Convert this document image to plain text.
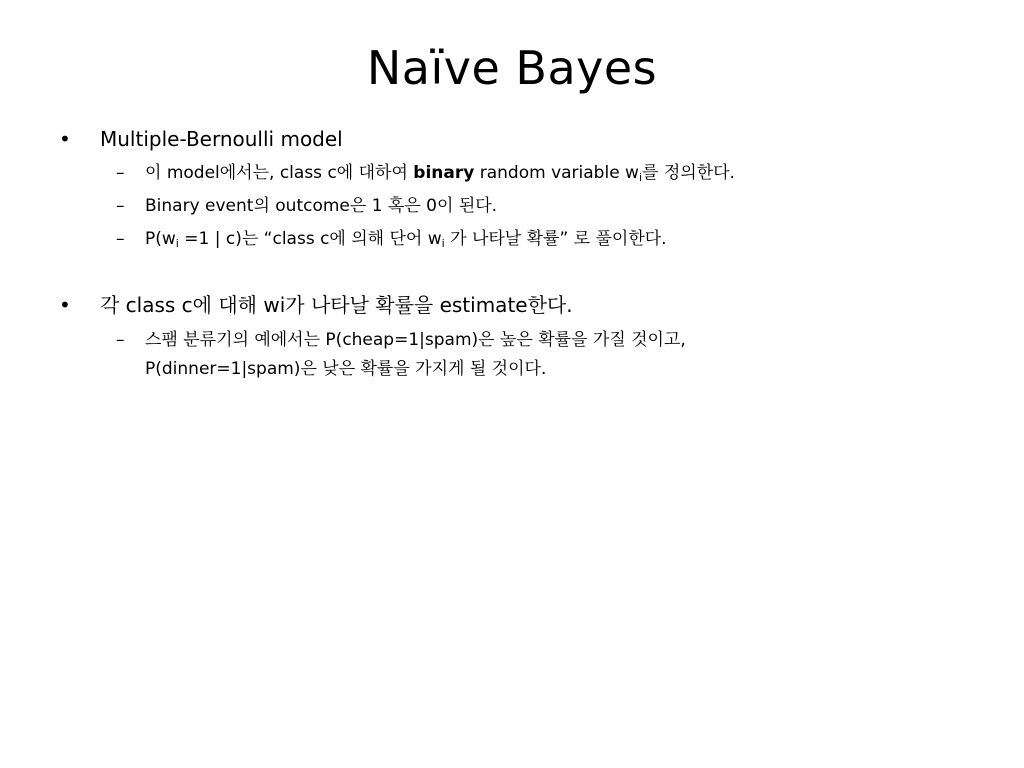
Naïve Bayes
• Multiple-Bernoulli model
– 이 model에서는, class c에 대하여 binary random variable $w_i$를 정의한다.
– Binary event의 outcome은 1 혹은 0이 된다.
– $P(w_i =1$ | c)는 “class c에 의해 단어 $w_i$ 가 나타날 확률” 로 풀이한다.
• 각 class c에 대해 wi가 나타날 확률을 estimate한다.
– 스팸 분류기의 예에서는 P(cheap=1|spam)은 높은 확률을 가질 것이고,
P(dinner=1|spam)은 낮은 확률을 가지게 될 것이다.
